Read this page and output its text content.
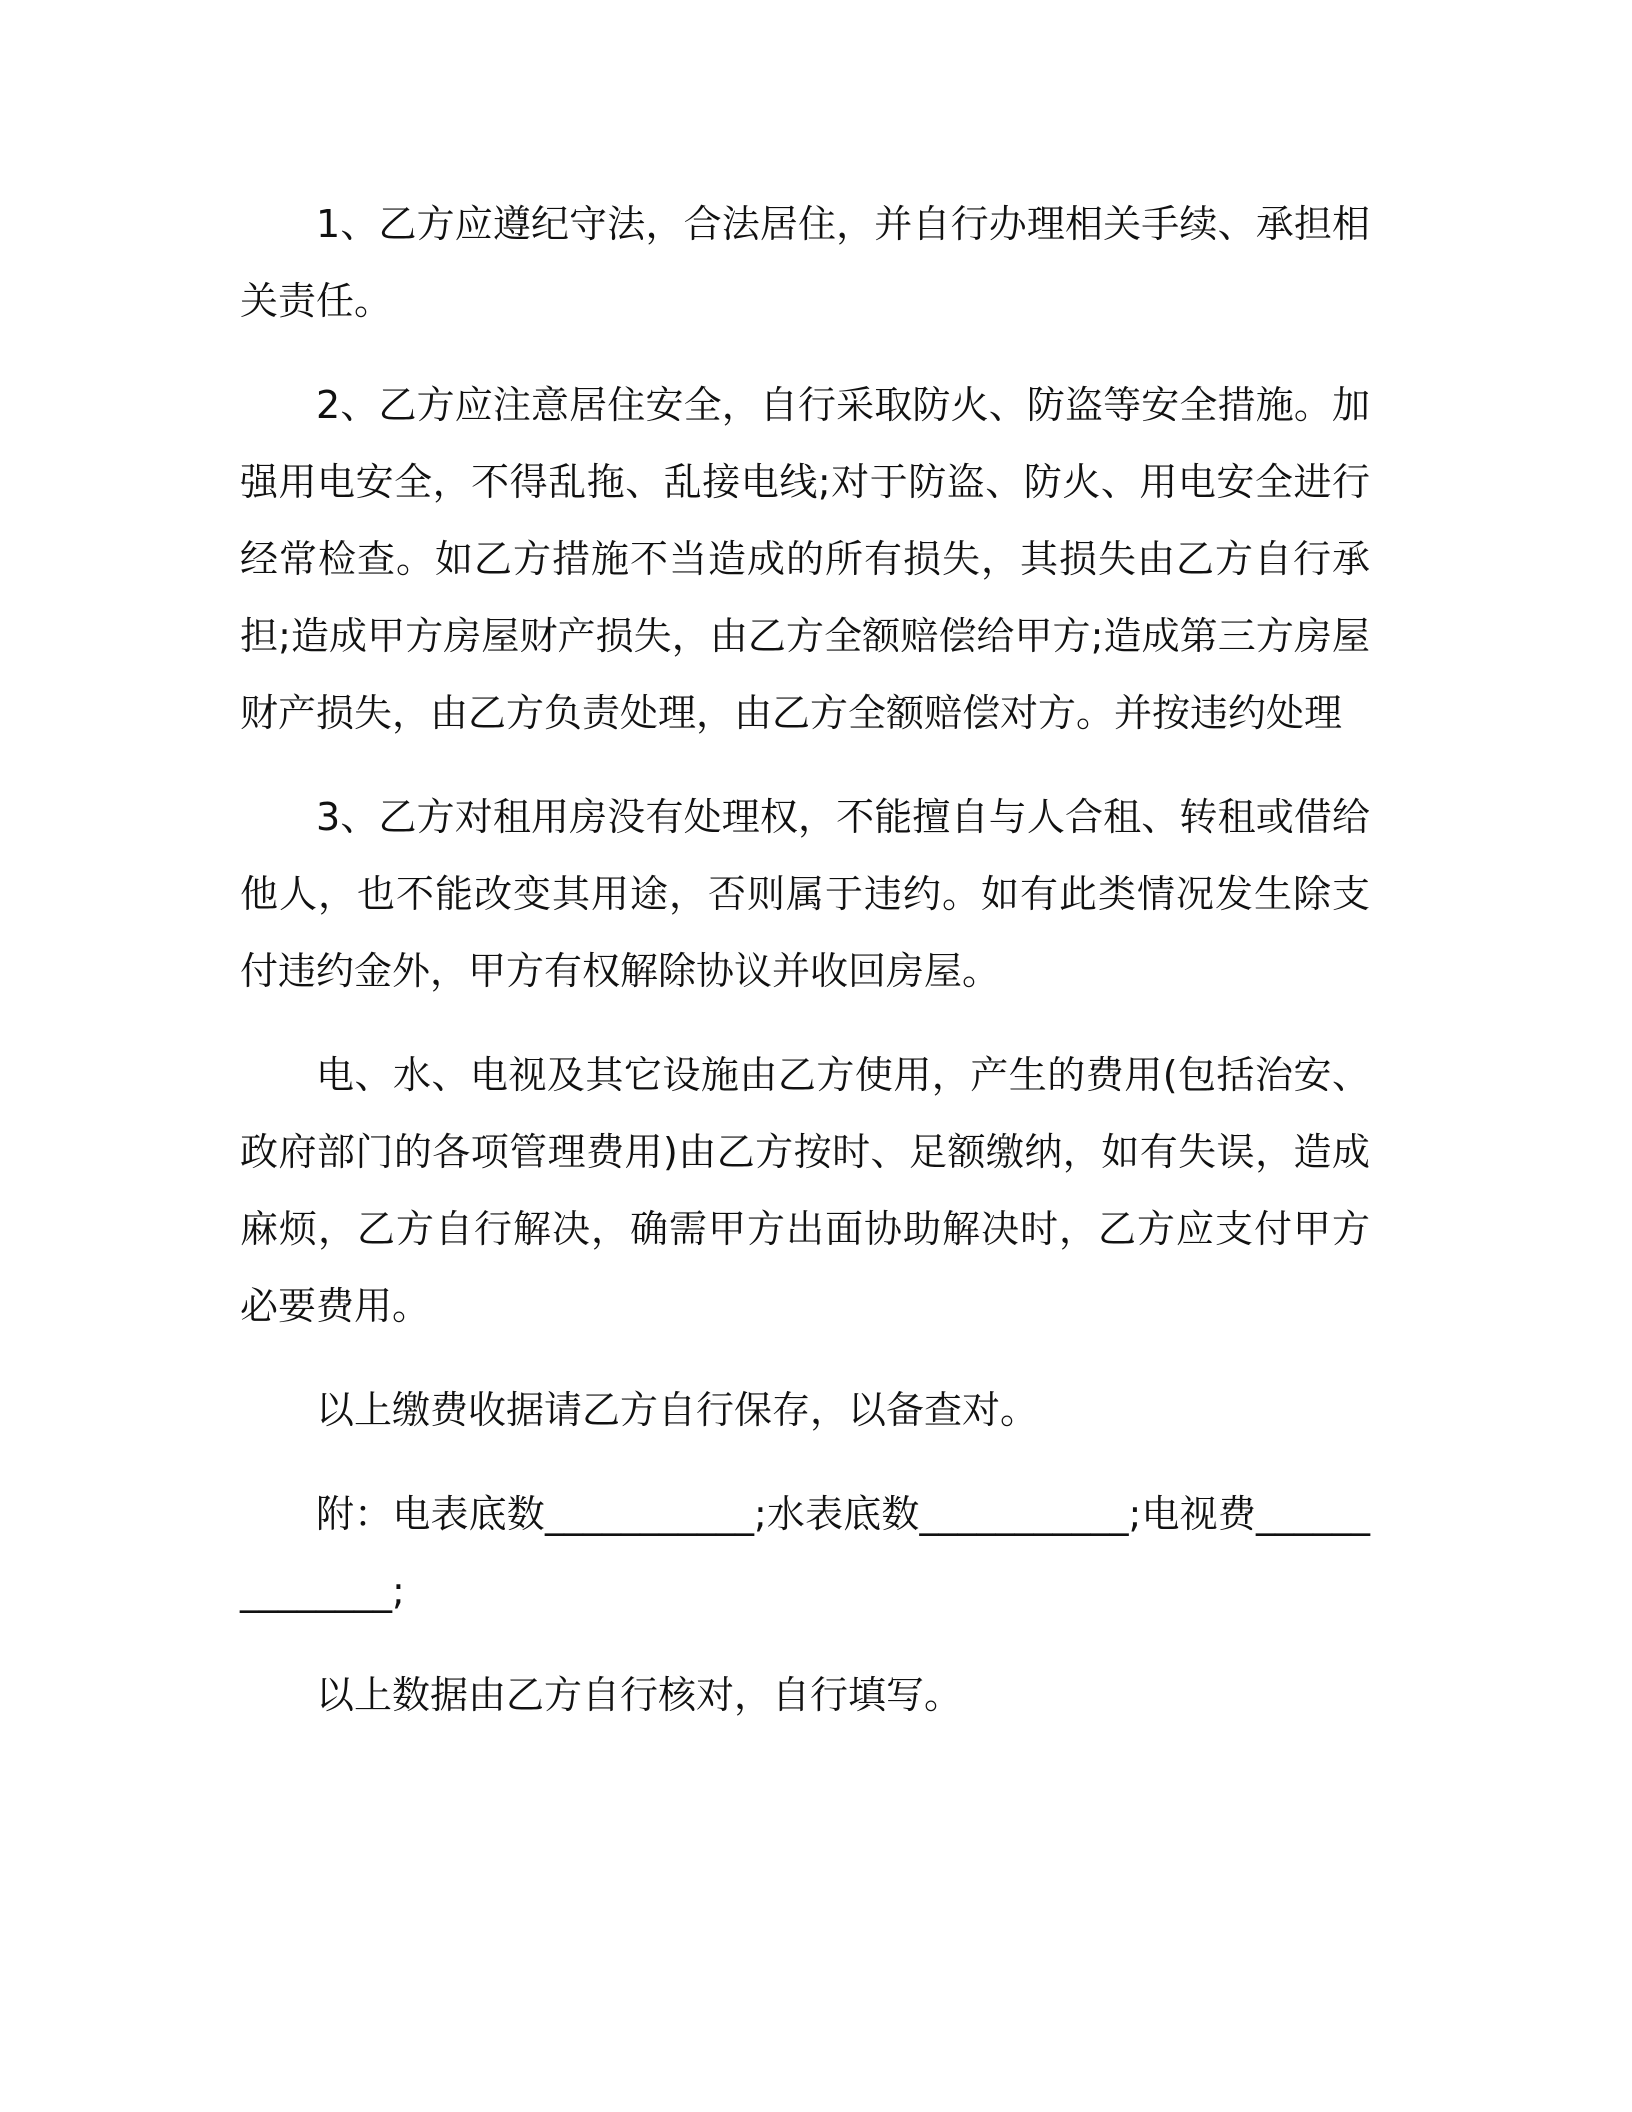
1、乙方应遵纪守法，合法居住，并自行办理相关手续、承担相关责任。

2、乙方应注意居住安全，自行采取防火、防盗等安全措施。加强用电安全，不得乱拖、乱接电线;对于防盗、防火、用电安全进行经常检查。如乙方措施不当造成的所有损失，其损失由乙方自行承担;造成甲方房屋财产损失，由乙方全额赔偿给甲方;造成第三方房屋财产损失，由乙方负责处理，由乙方全额赔偿对方。并按违约处理

3、乙方对租用房没有处理权，不能擅自与人合租、转租或借给他人，也不能改变其用途，否则属于违约。如有此类情况发生除支付违约金外，甲方有权解除协议并收回房屋。

电、水、电视及其它设施由乙方使用，产生的费用(包括治安、政府部门的各项管理费用)由乙方按时、足额缴纳，如有失误，造成麻烦，乙方自行解决，确需甲方出面协助解决时，乙方应支付甲方必要费用。

以上缴费收据请乙方自行保存，以备查对。

附：电表底数___________;水表底数___________;电视费______________;

以上数据由乙方自行核对，自行填写。
